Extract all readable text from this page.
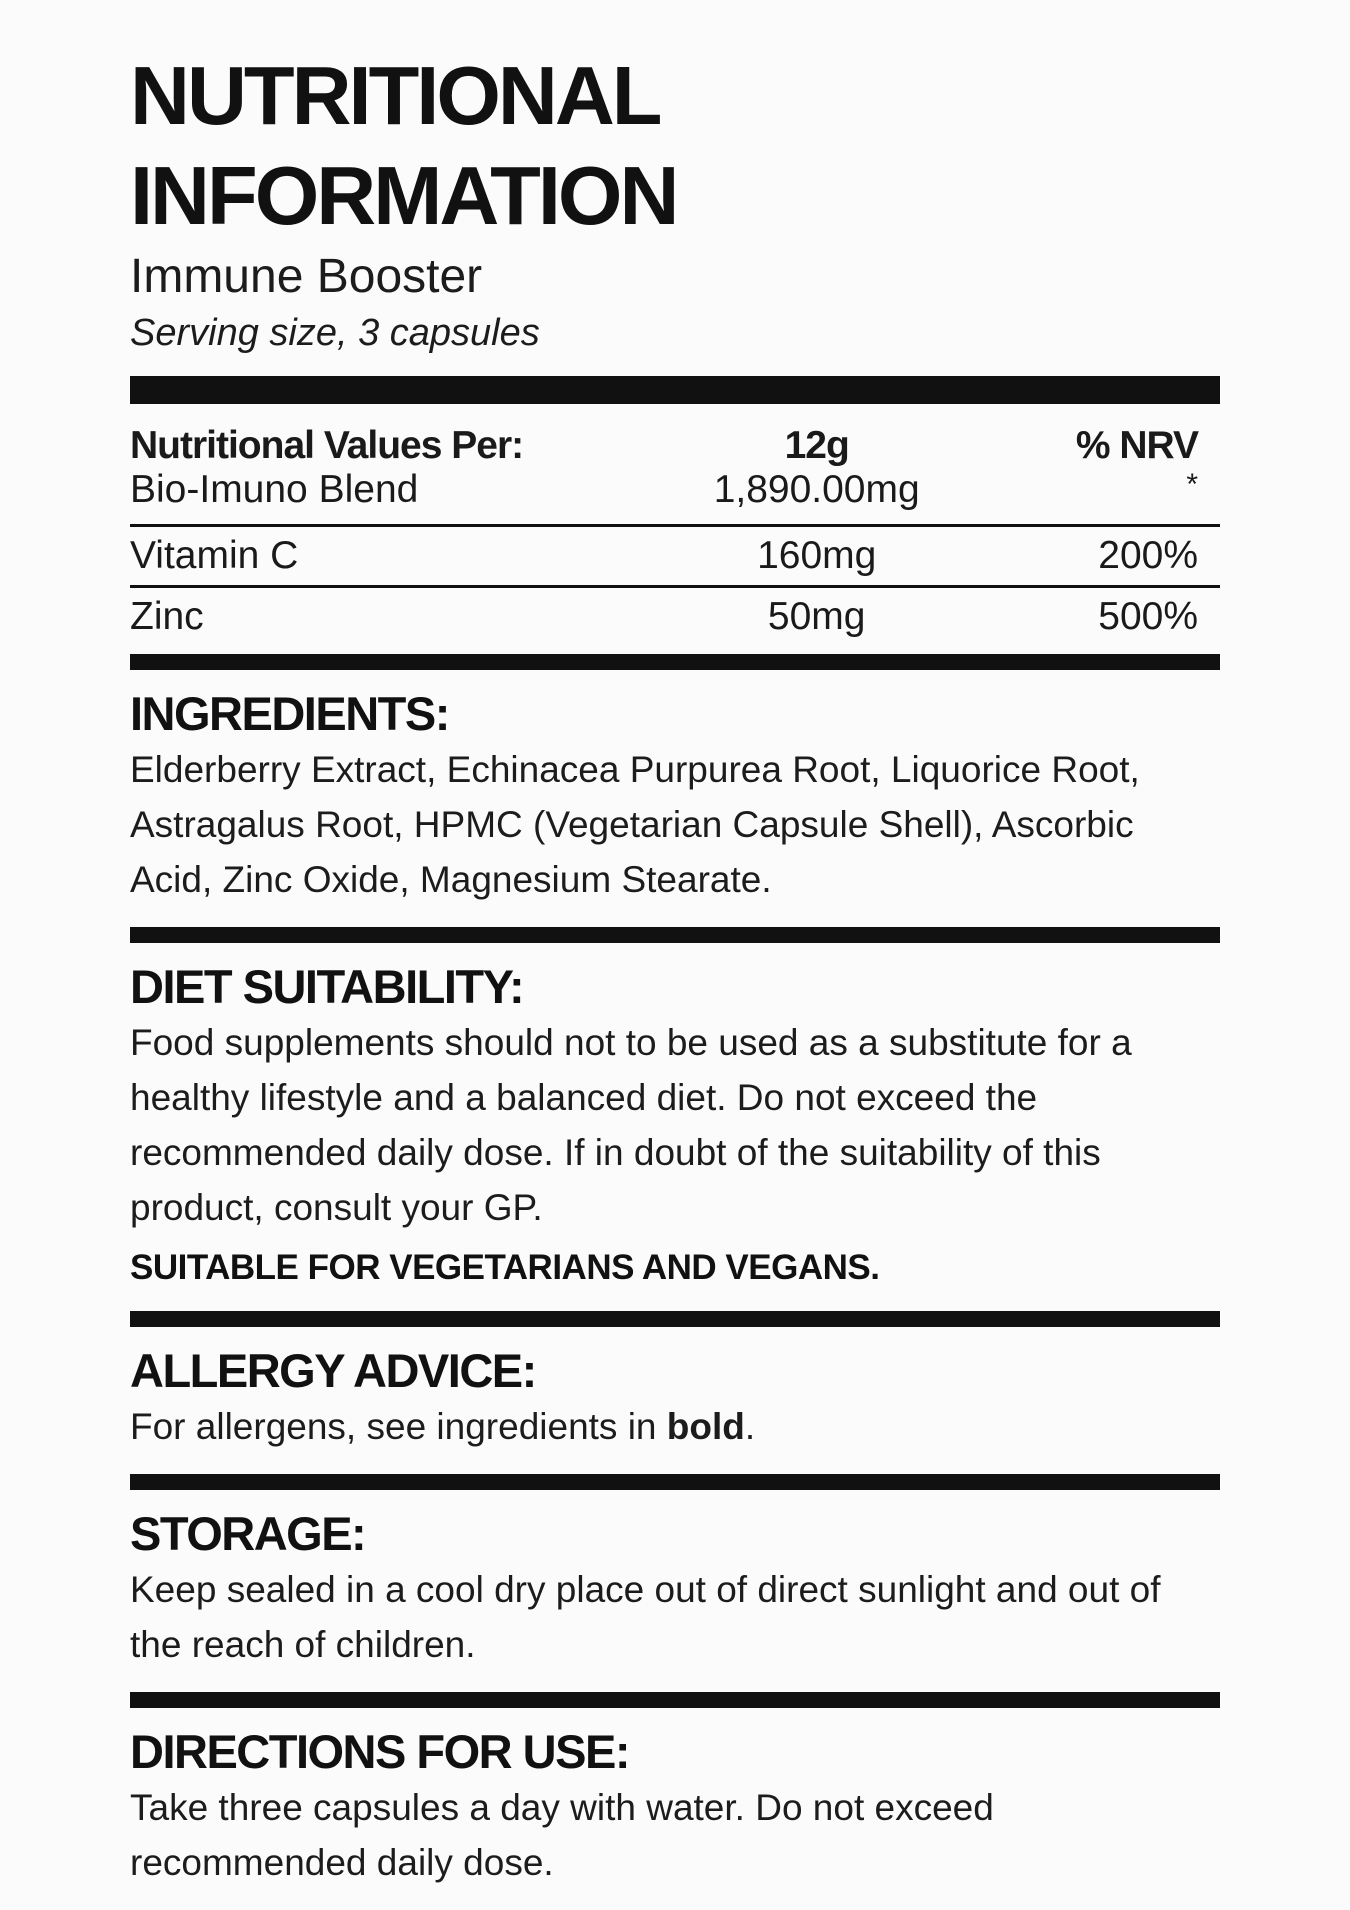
NUTRITIONAL INFORMATION
Immune Booster
Serving size, 3 capsules
Nutritional Values Per:	12g	% NRV
Bio-Imuno Blend	1,890.00mg	*
Vitamin C	160mg	200%
Zinc	50mg	500%
INGREDIENTS:
Elderberry Extract, Echinacea Purpurea Root, Liquorice Root, Astragalus Root, HPMC (Vegetarian Capsule Shell), Ascorbic Acid, Zinc Oxide, Magnesium Stearate.
DIET SUITABILITY:
Food supplements should not to be used as a substitute for a healthy lifestyle and a balanced diet. Do not exceed the recommended daily dose. If in doubt of the suitability of this product, consult your GP.
SUITABLE FOR VEGETARIANS AND VEGANS.
ALLERGY ADVICE:
For allergens, see ingredients in bold.
STORAGE:
Keep sealed in a cool dry place out of direct sunlight and out of the reach of children.
DIRECTIONS FOR USE:
Take three capsules a day with water. Do not exceed recommended daily dose.
